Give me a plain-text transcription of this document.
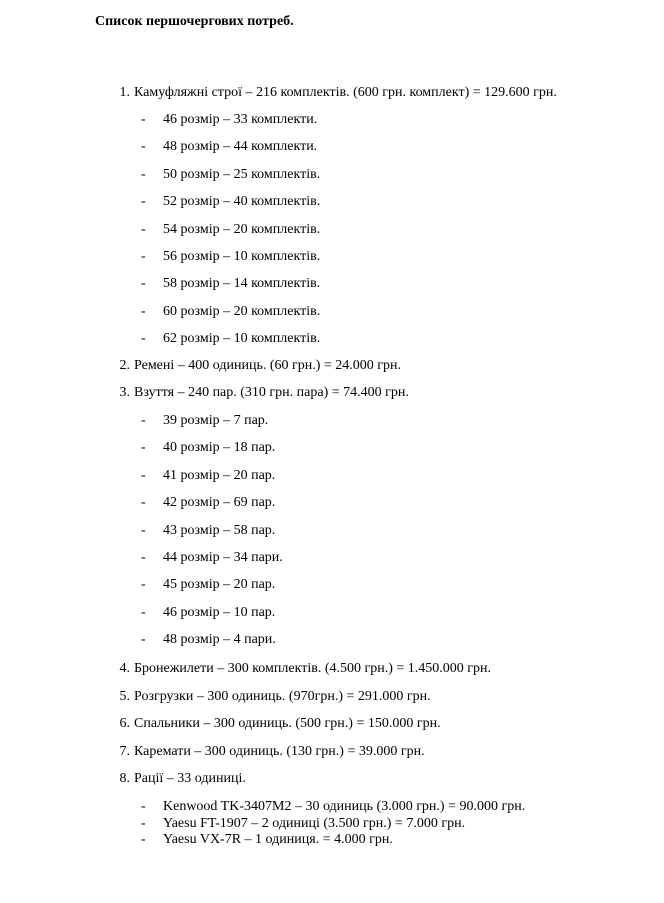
Список першочергових потреб.
1. Камуфляжні строї – 216 комплектів. (600 грн. комплект) = 129.600 грн.
- 46 розмір – 33 комплекти.
- 48 розмір – 44 комплекти.
- 50 розмір – 25 комплектів.
- 52 розмір – 40 комплектів.
- 54 розмір – 20 комплектів.
- 56 розмір – 10 комплектів.
- 58 розмір – 14 комплектів.
- 60 розмір – 20 комплектів.
- 62 розмір – 10 комплектів.
2. Ремені – 400 одиниць. (60 грн.) = 24.000 грн.
3. Взуття – 240 пар. (310 грн. пара) = 74.400 грн.
- 39 розмір – 7 пар.
- 40 розмір – 18 пар.
- 41 розмір – 20 пар.
- 42 розмір – 69 пар.
- 43 розмір – 58 пар.
- 44 розмір – 34 пари.
- 45 розмір – 20 пар.
- 46 розмір – 10 пар.
- 48 розмір – 4 пари.
4. Бронежилети – 300 комплектів. (4.500 грн.) = 1.450.000 грн.
5. Розгрузки – 300 одиниць. (970грн.) = 291.000 грн.
6. Спальники – 300 одиниць. (500 грн.) = 150.000 грн.
7. Каремати – 300 одиниць. (130 грн.) = 39.000 грн.
8. Рації – 33 одиниці.
- Kenwood TK-3407M2 – 30 одиниць (3.000 грн.) = 90.000 грн.
- Yaesu FT-1907 – 2 одиниці (3.500 грн.) = 7.000 грн.
- Yaesu VX-7R – 1 одиниця. = 4.000 грн.
